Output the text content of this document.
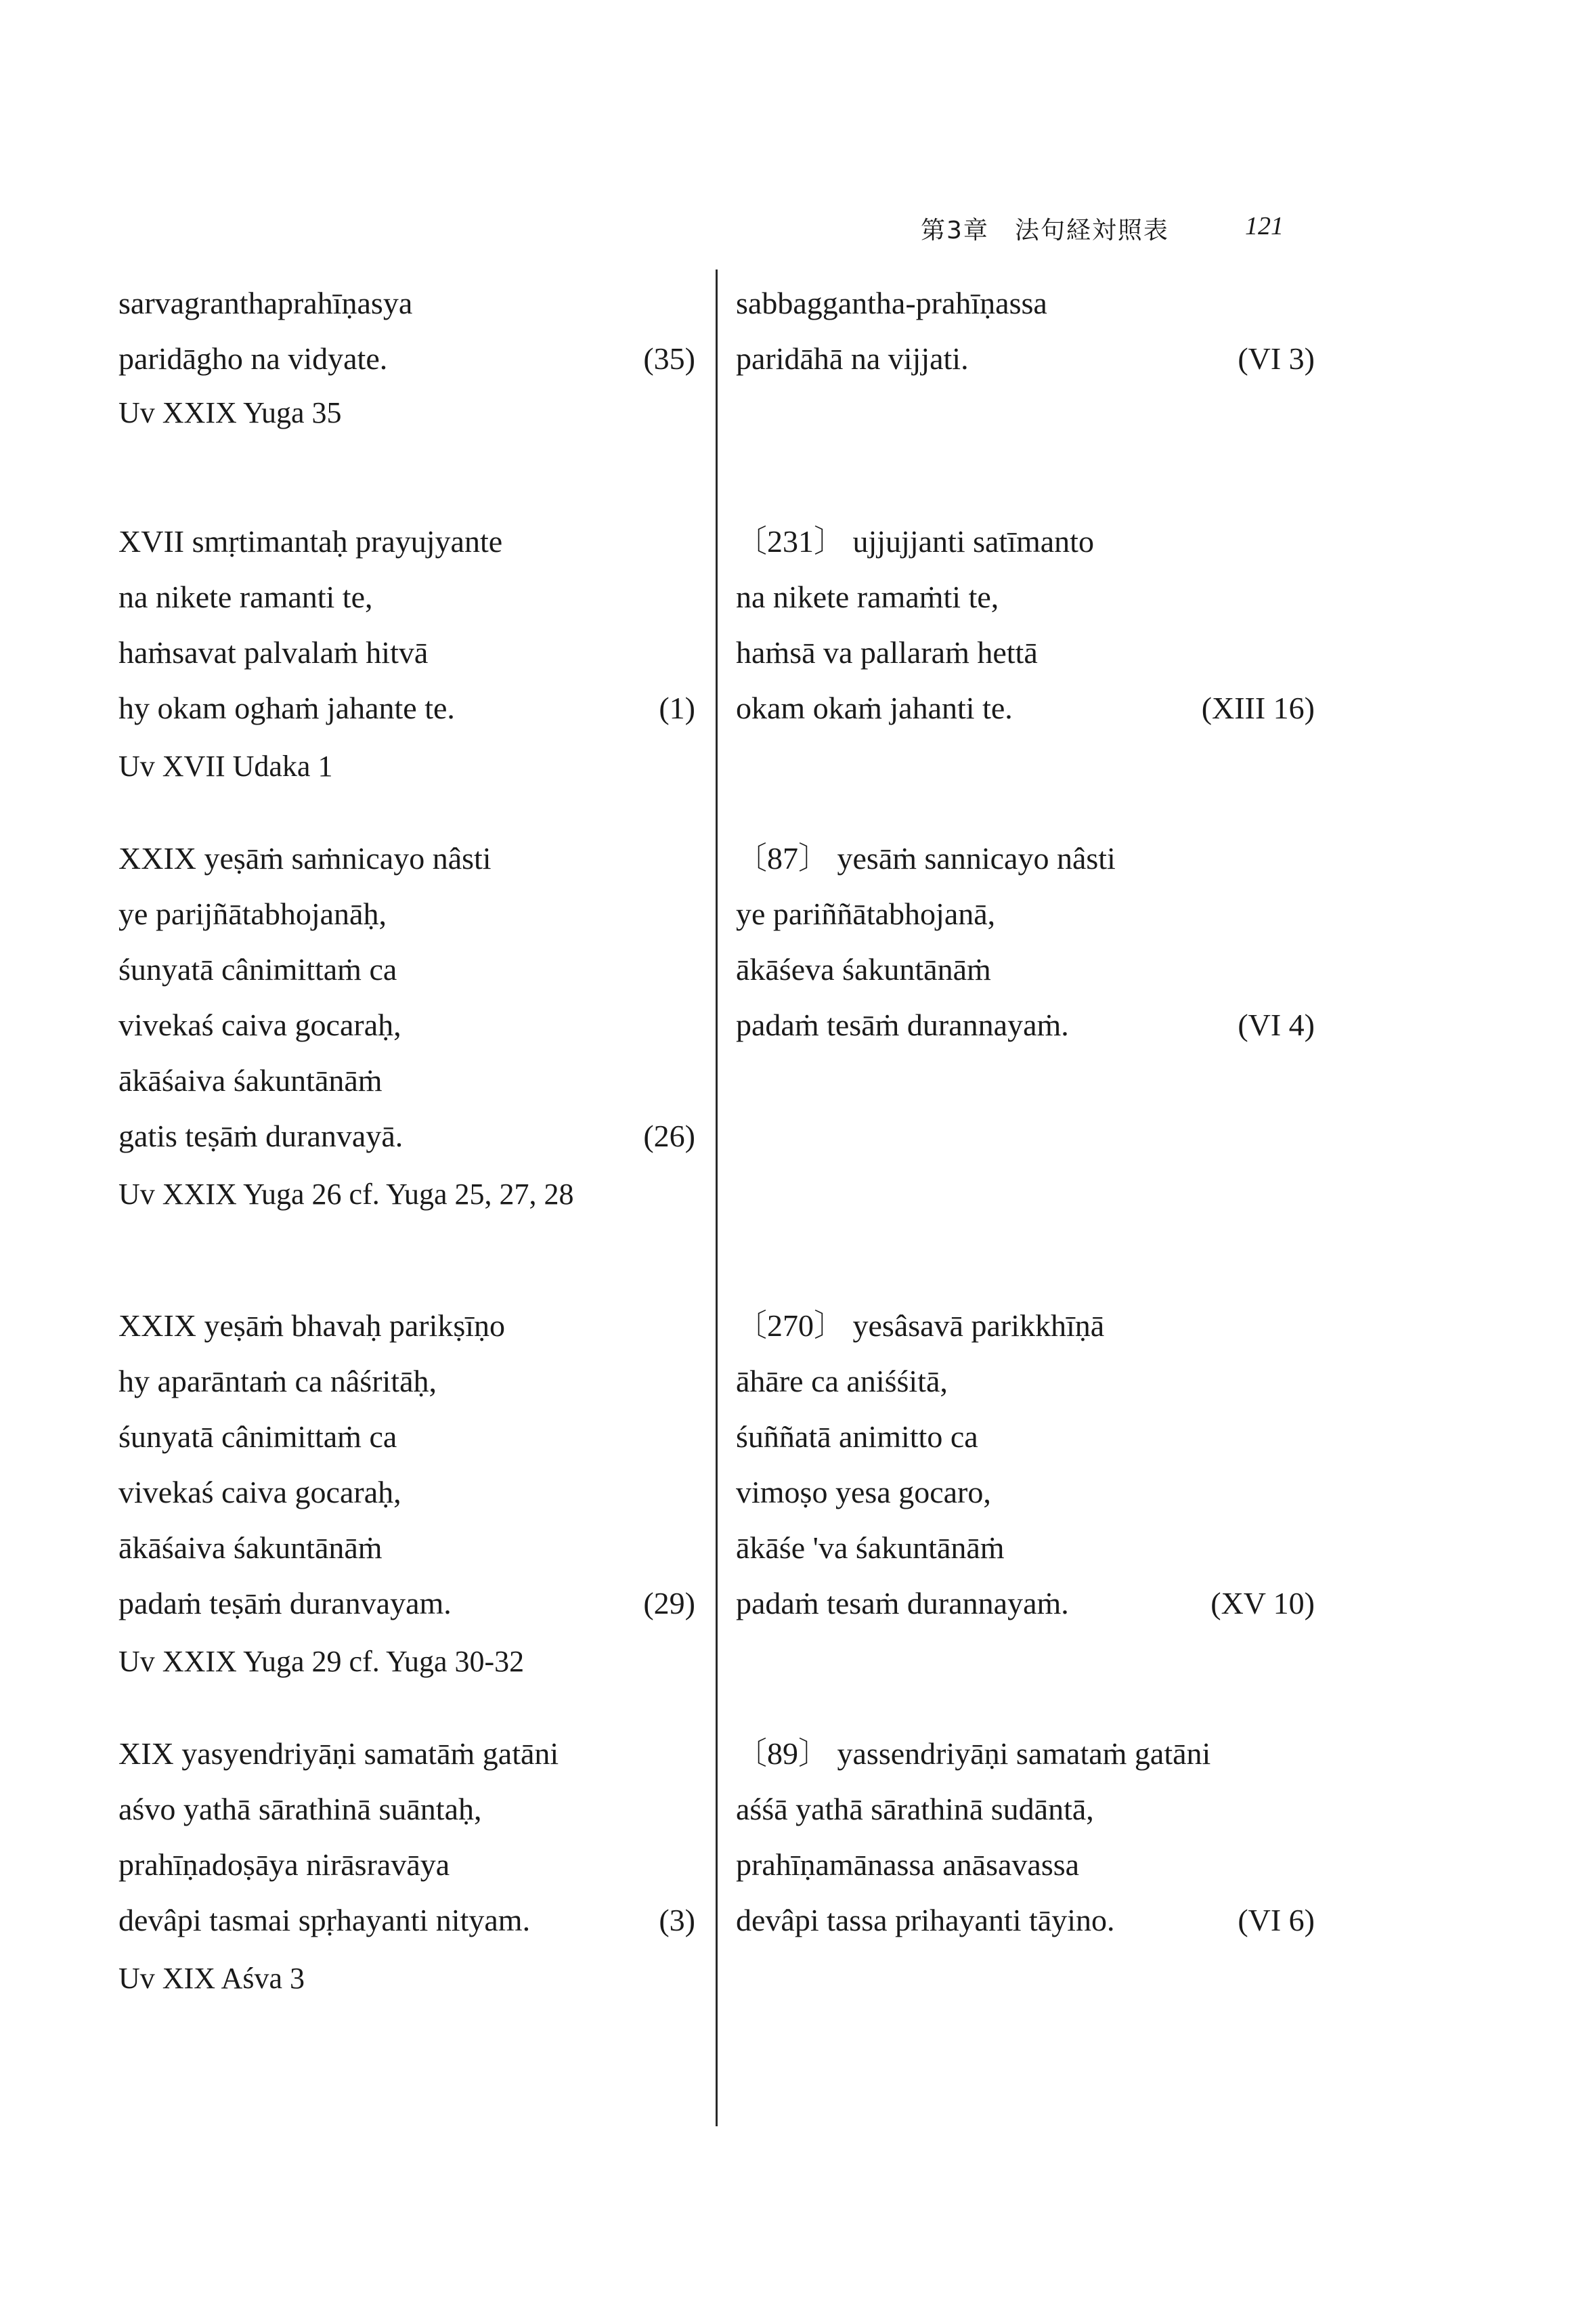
第3章　法句経対照表	121
sarvagranthaprahīṇasya
paridāgho na vidyate.	(35)
Uv XXIX Yuga 35
sabbagganthа-prahīṇassa
paridāhā na vijjati.	(VI 3)
XVII smṛtimantaḥ prayujyante
na nikete ramanti te,
haṁsavat palvalaṁ hitvā
hy okam oghaṁ jahante te.	(1)
Uv XVII Udaka 1
〔231〕 ujjujjanti satīmanto
na nikete ramaṁti te,
haṁsā va pallaraṁ hettā
okam okaṁ jahanti te.	(XIII 16)
XXIX yeṣāṁ saṁnicayo nâsti
ye parijñātabhojanāḥ,
śunyatā cânimittaṁ ca
vivekaś caiva gocaraḥ,
ākāśaiva śakuntānāṁ
gatis teṣāṁ duranvayā.	(26)
Uv XXIX Yuga 26 cf. Yuga 25, 27, 28
〔87〕 yesāṁ sannicayo nâsti
ye pariññātabhojanā,
ākāśeva śakuntānāṁ
padaṁ tesāṁ durannayaṁ.	(VI 4)
XXIX yeṣāṁ bhavaḥ parikṣīṇo
hy aparāntaṁ ca nâśritāḥ,
śunyatā cânimittaṁ ca
vivekaś caiva gocaraḥ,
ākāśaiva śakuntānāṁ
padaṁ teṣāṁ duranvayam.	(29)
Uv XXIX Yuga 29 cf. Yuga 30-32
〔270〕 yesâsavā parikkhīṇā
āhāre ca aniśśitā,
śuññatā animitto ca
vimoṣo yesa gocaro,
ākāśe 'va śakuntānāṁ
padaṁ tesaṁ durannayaṁ.	(XV 10)
XIX yasyendriyāṇi samatāṁ gatāni
aśvo yathā sārathinā suāntaḥ,
prahīṇadoṣāya nirāsravāya
devâpi tasmai spṛhayanti nityam.	(3)
Uv XIX Aśva 3
〔89〕 yassendriyāṇi samataṁ gatāni
aśśā yathā sārathinā sudāntā,
prahīṇamānassa anāsavassa
devâpi tassa prihayanti tāyino.	(VI 6)
